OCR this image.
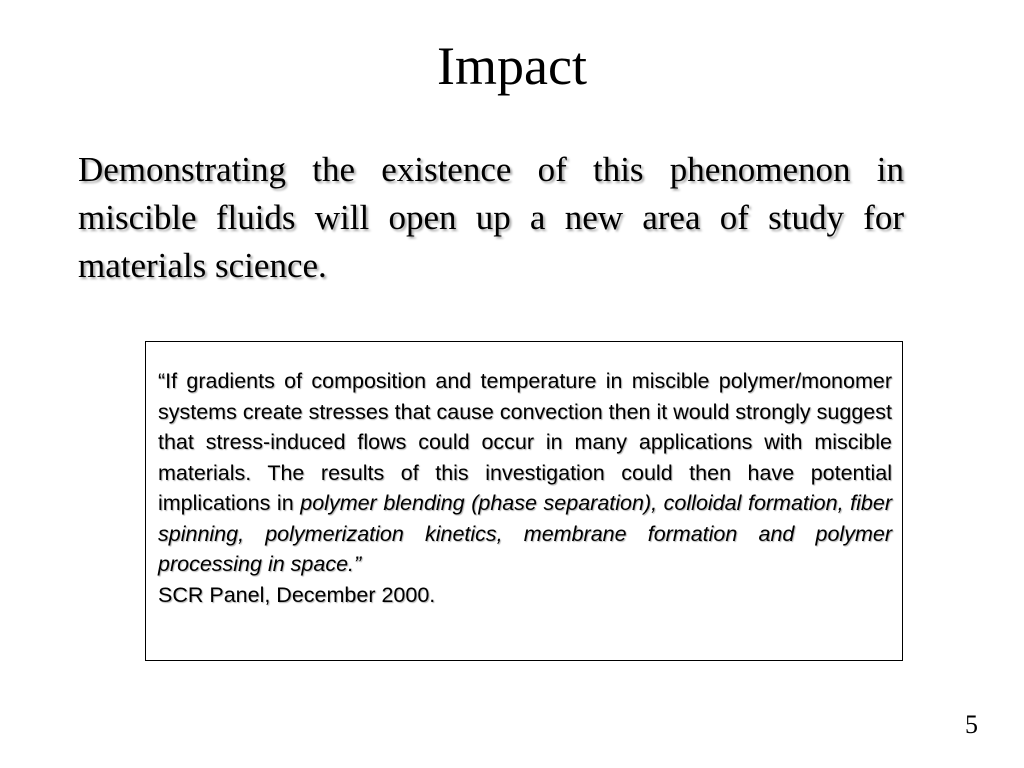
Impact
Demonstrating the existence of this phenomenon in miscible fluids will open up a new area of study for materials science.
“If gradients of composition and temperature in miscible polymer/monomer systems create stresses that cause convection then it would strongly suggest that stress-induced flows could occur in many applications with miscible materials. The results of this investigation could then have potential implications in polymer blending (phase separation), colloidal formation, fiber spinning, polymerization kinetics, membrane formation and polymer processing in space.”
SCR Panel, December 2000.
5
